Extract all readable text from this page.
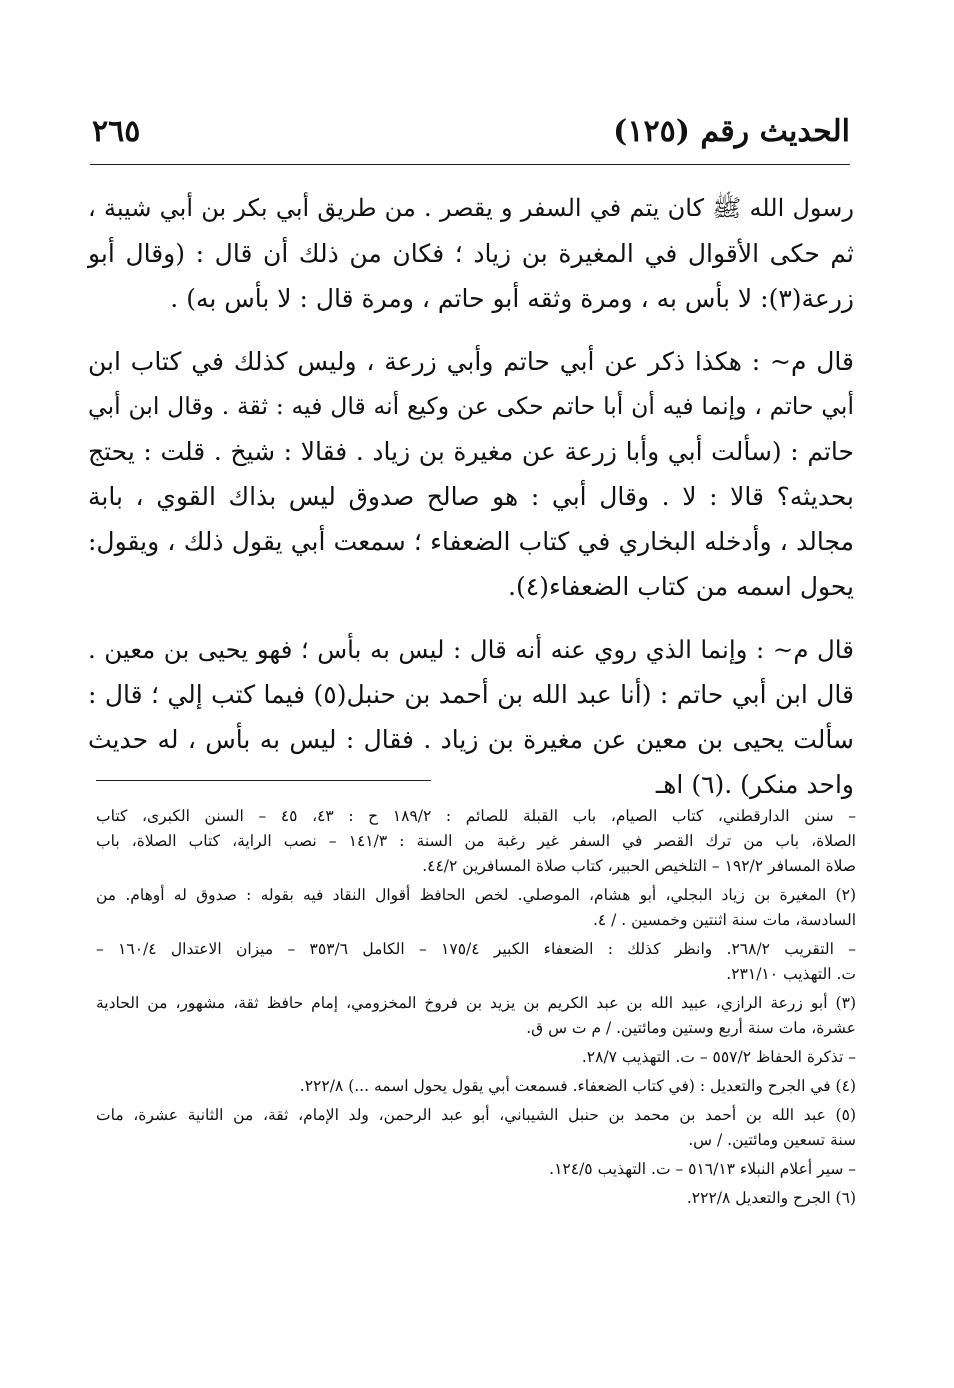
٢٦٥	الحديث رقم (١٢٥)
رسول الله ﷺ كان يتم في السفر و يقصر . من طريق أبي بكر بن أبي شيبة ،
ثم حكى الأقوال في المغيرة بن زياد ؛ فكان من ذلك أن قال : (وقال أبو
زرعة(٣): لا بأس به ، ومرة وثقه أبو حاتم ، ومرة قال : لا بأس به) .
قال م~ : هكذا ذكر عن أبي حاتم وأبي زرعة ، وليس كذلك في كتاب ابن
أبي حاتم ، وإنما فيه أن أبا حاتم حكى عن وكيع أنه قال فيه : ثقة . وقال ابن أبي
حاتم : (سألت أبي وأبا زرعة عن مغيرة بن زياد . فقالا : شيخ . قلت : يحتج
بحديثه؟ قالا : لا . وقال أبي : هو صالح صدوق ليس بذاك القوي ، بابة
مجالد ، وأدخله البخاري في كتاب الضعفاء ؛ سمعت أبي يقول ذلك ، ويقول:
يحول اسمه من كتاب الضعفاء(٤).
قال م~ : وإنما الذي روي عنه أنه قال : ليس به بأس ؛ فهو يحيى بن معين .
قال ابن أبي حاتم : (أنا عبد الله بن أحمد بن حنبل(٥) فيما كتب إلي ؛ قال :
سألت يحيى بن معين عن مغيرة بن زياد . فقال : ليس به بأس ، له حديث
واحد منكر) .(٦) اهـ
– سنن الدارقطني، كتاب الصيام، باب القبلة للصائم : ١٨٩/٢ ح : ٤٣، ٤٥ – السنن الكبرى، كتاب
الصلاة، باب من ترك القصر في السفر غير رغبة من السنة : ١٤١/٣ – نصب الراية، كتاب الصلاة، باب
صلاة المسافر ١٩٢/٢ – التلخيص الحبير، كتاب صلاة المسافرين ٤٤/٢.
(٢) المغيرة بن زياد البجلي، أبو هشام، الموصلي. لخص الحافظ أقوال النقاد فيه بقوله : صدوق له أوهام. من
السادسة، مات سنة اثنتين وخمسين . / ٤.
– التقريب ٢٦٨/٢. وانظر كذلك : الضعفاء الكبير ١٧٥/٤ – الكامل ٣٥٣/٦ – ميزان الاعتدال ١٦٠/٤ –
ت. التهذيب ٢٣١/١٠.
(٣) أبو زرعة الرازي، عبيد الله بن عبد الكريم بن يزيد بن فروخ المخزومي، إمام حافظ ثقة، مشهور، من الحادية
عشرة، مات سنة أربع وستين ومائتين. / م ت س ق.
– تذكرة الحفاظ ٥٥٧/٢ – ت. التهذيب ٢٨/٧.
(٤) في الجرح والتعديل : (في كتاب الضعفاء. فسمعت أبي يقول يحول اسمه ...) ٢٢٢/٨.
(٥) عبد الله بن أحمد بن محمد بن حنبل الشيباني، أبو عبد الرحمن، ولد الإمام، ثقة، من الثانية عشرة، مات
سنة تسعين ومائتين. / س.
– سير أعلام النبلاء ٥١٦/١٣ – ت. التهذيب ١٢٤/٥.
(٦) الجرح والتعديل ٢٢٢/٨.
